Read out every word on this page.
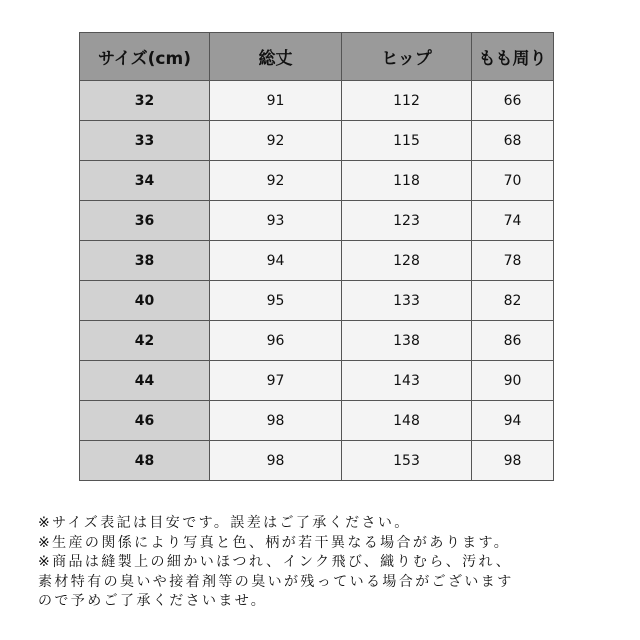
サイズ(cm)	総丈	ヒップ	もも周り
32	91	112	66
33	92	115	68
34	92	118	70
36	93	123	74
38	94	128	78
40	95	133	82
42	96	138	86
44	97	143	90
46	98	148	94
48	98	153	98
※サイズ表記は目安です。誤差はご了承ください。
※生産の関係により写真と色、柄が若干異なる場合があります。
※商品は縫製上の細かいほつれ、インク飛び、織りむら、汚れ、
素材特有の臭いや接着剤等の臭いが残っている場合がございます
ので予めご了承くださいませ。
